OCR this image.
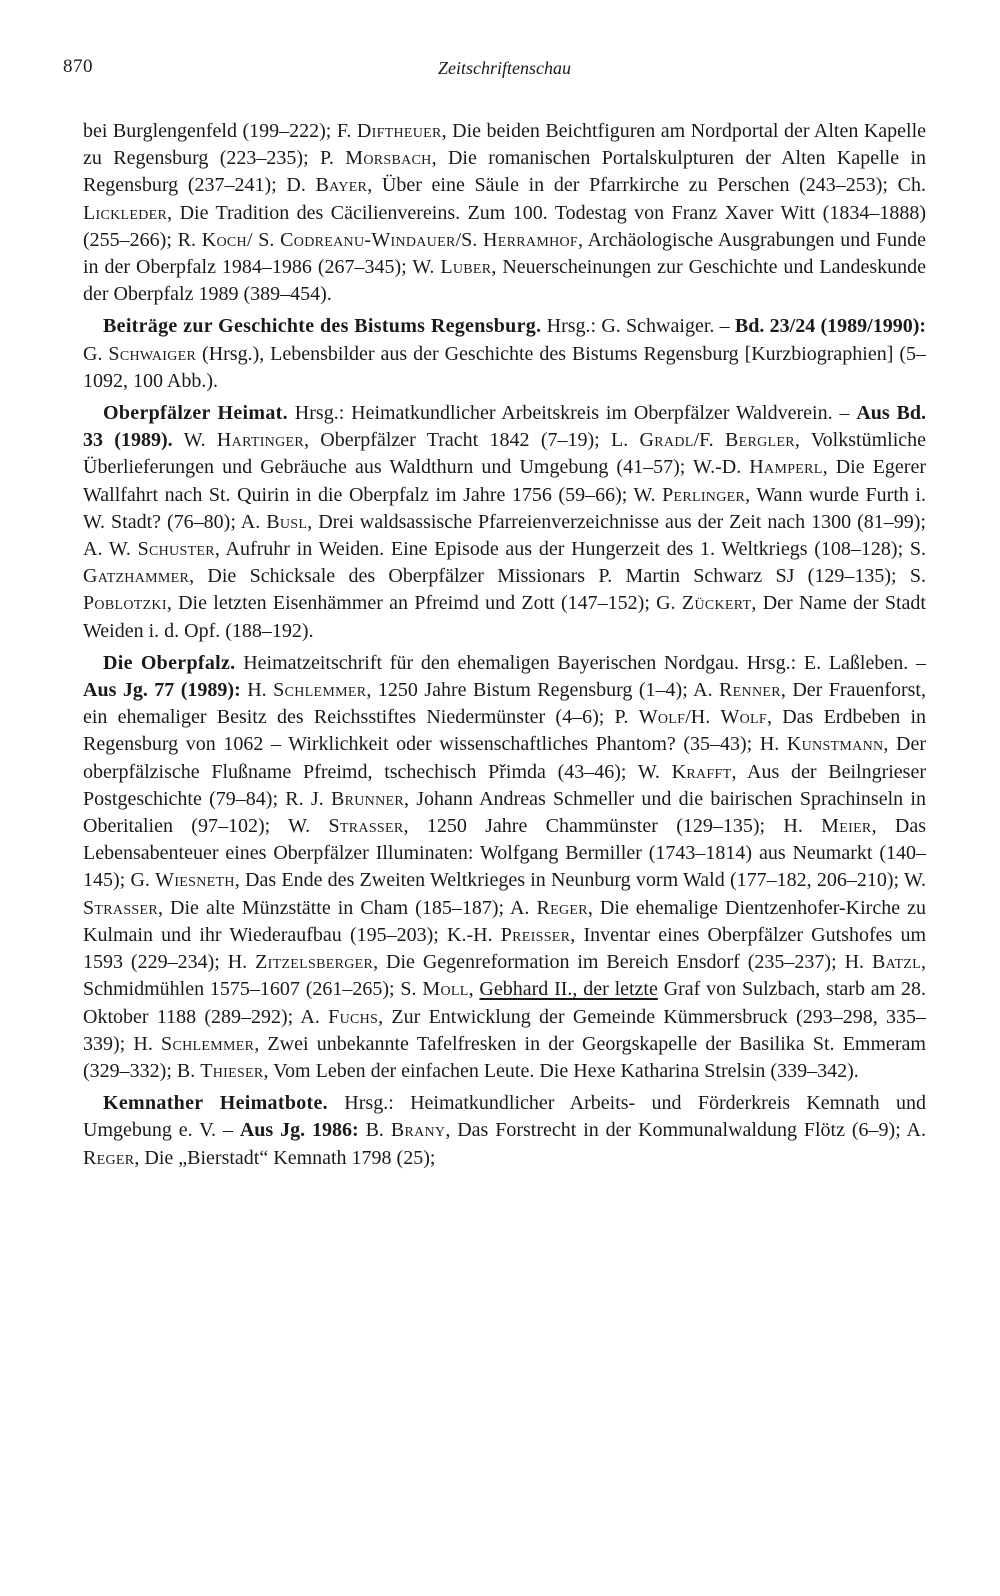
870	Zeitschriftenschau

bei Burglengenfeld (199–222); F. Diftheuer, Die beiden Beichtfiguren am Nordportal der Alten Kapelle zu Regensburg (223–235); P. Morsbach, Die romanischen Portalskulpturen der Alten Kapelle in Regensburg (237–241); D. Bayer, Über eine Säule in der Pfarrkirche zu Perschen (243–253); Ch. Lickleder, Die Tradition des Cäcilienvereins. Zum 100. Todestag von Franz Xaver Witt (1834–1888) (255–266); R. Koch/ S. Codreanu-Windauer/S. Herramhof, Archäologische Ausgrabungen und Funde in der Oberpfalz 1984–1986 (267–345); W. Luber, Neuerscheinungen zur Geschichte und Landeskunde der Oberpfalz 1989 (389–454).

Beiträge zur Geschichte des Bistums Regensburg. Hrsg.: G. Schwaiger. – Bd. 23/24 (1989/1990): G. Schwaiger (Hrsg.), Lebensbilder aus der Geschichte des Bistums Regensburg [Kurzbiographien] (5–1092, 100 Abb.).

Oberpfälzer Heimat. Hrsg.: Heimatkundlicher Arbeitskreis im Oberpfälzer Waldverein. – Aus Bd. 33 (1989). W. Hartinger, Oberpfälzer Tracht 1842 (7–19); L. Gradl/F. Bergler, Volkstümliche Überlieferungen und Gebräuche aus Waldthurn und Umgebung (41–57); W.-D. Hamperl, Die Egerer Wallfahrt nach St. Quirin in die Oberpfalz im Jahre 1756 (59–66); W. Perlinger, Wann wurde Furth i. W. Stadt? (76–80); A. Busl, Drei waldsassische Pfarreienverzeichnisse aus der Zeit nach 1300 (81–99); A. W. Schuster, Aufruhr in Weiden. Eine Episode aus der Hungerzeit des 1. Weltkriegs (108–128); S. Gatzhammer, Die Schicksale des Oberpfälzer Missionars P. Martin Schwarz SJ (129–135); S. Poblotzki, Die letzten Eisenhämmer an Pfreimd und Zott (147–152); G. Zückert, Der Name der Stadt Weiden i. d. Opf. (188–192).

Die Oberpfalz. Heimatzeitschrift für den ehemaligen Bayerischen Nordgau. Hrsg.: E. Laßleben. – Aus Jg. 77 (1989): H. Schlemmer, 1250 Jahre Bistum Regensburg (1–4); A. Renner, Der Frauenforst, ein ehemaliger Besitz des Reichsstiftes Niedermünster (4–6); P. Wolf/H. Wolf, Das Erdbeben in Regensburg von 1062 – Wirklichkeit oder wissenschaftliches Phantom? (35–43); H. Kunstmann, Der oberpfälzische Flußname Pfreimd, tschechisch Přimda (43–46); W. Krafft, Aus der Beilngrieser Postgeschichte (79–84); R. J. Brunner, Johann Andreas Schmeller und die bairischen Sprachinseln in Oberitalien (97–102); W. Strasser, 1250 Jahre Chammünster (129–135); H. Meier, Das Lebensabenteuer eines Oberpfälzer Illuminaten: Wolfgang Bermiller (1743–1814) aus Neumarkt (140–145); G. Wiesneth, Das Ende des Zweiten Weltkrieges in Neunburg vorm Wald (177–182, 206–210); W. Strasser, Die alte Münzstätte in Cham (185–187); A. Reger, Die ehemalige Dientzenhofer-Kirche zu Kulmain und ihr Wiederaufbau (195–203); K.-H. Preisser, Inventar eines Oberpfälzer Gutshofes um 1593 (229–234); H. Zitzelsberger, Die Gegenreformation im Bereich Ensdorf (235–237); H. Batzl, Schmidmühlen 1575–1607 (261–265); S. Moll, Gebhard II., der letzte Graf von Sulzbach, starb am 28. Oktober 1188 (289–292); A. Fuchs, Zur Entwicklung der Gemeinde Kümmersbruck (293–298, 335–339); H. Schlemmer, Zwei unbekannte Tafelfresken in der Georgskapelle der Basilika St. Emmeram (329–332); B. Thieser, Vom Leben der einfachen Leute. Die Hexe Katharina Strelsin (339–342).

Kemnather Heimatbote. Hrsg.: Heimatkundlicher Arbeits- und Förderkreis Kemnath und Umgebung e. V. – Aus Jg. 1986: B. Brany, Das Forstrecht in der Kommunalwaldung Flötz (6–9); A. Reger, Die „Bierstadt“ Kemnath 1798 (25);
